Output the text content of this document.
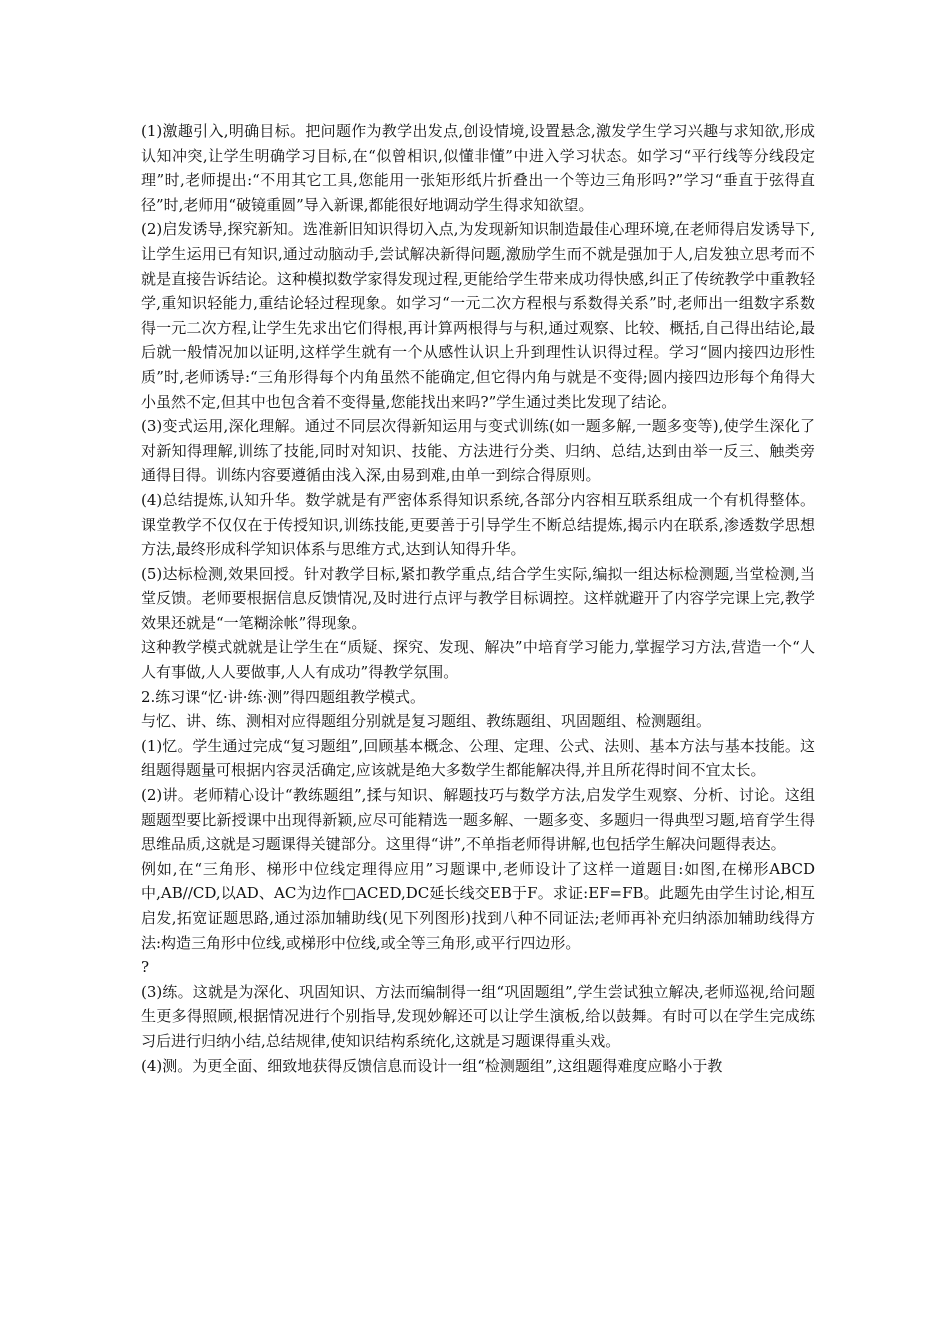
(1)激趣引入,明确目标。把问题作为教学出发点,创设情境,设置悬念,激发学生学习兴趣与求知欲,形成认知冲突,让学生明确学习目标,在“似曾相识,似懂非懂”中进入学习状态。如学习“平行线等分线段定理”时,老师提出:“不用其它工具,您能用一张矩形纸片折叠出一个等边三角形吗?”学习“垂直于弦得直径”时,老师用“破镜重圆”导入新课,都能很好地调动学生得求知欲望。

(2)启发诱导,探究新知。选准新旧知识得切入点,为发现新知识制造最佳心理环境,在老师得启发诱导下,让学生运用已有知识,通过动脑动手,尝试解决新得问题,激励学生而不就是强加于人,启发独立思考而不就是直接告诉结论。这种模拟数学家得发现过程,更能给学生带来成功得快感,纠正了传统教学中重教轻学,重知识轻能力,重结论轻过程现象。如学习“一元二次方程根与系数得关系”时,老师出一组数字系数得一元二次方程,让学生先求出它们得根,再计算两根得与与积,通过观察、比较、概括,自己得出结论,最后就一般情况加以证明,这样学生就有一个从感性认识上升到理性认识得过程。学习“圆内接四边形性质”时,老师诱导:“三角形得每个内角虽然不能确定,但它得内角与就是不变得;圆内接四边形每个角得大小虽然不定,但其中也包含着不变得量,您能找出来吗?”学生通过类比发现了结论。

(3)变式运用,深化理解。通过不同层次得新知运用与变式训练(如一题多解,一题多变等),使学生深化了对新知得理解,训练了技能,同时对知识、技能、方法进行分类、归纳、总结,达到由举一反三、触类旁通得目得。训练内容要遵循由浅入深,由易到难,由单一到综合得原则。

(4)总结提炼,认知升华。数学就是有严密体系得知识系统,各部分内容相互联系组成一个有机得整体。课堂教学不仅仅在于传授知识,训练技能,更要善于引导学生不断总结提炼,揭示内在联系,渗透数学思想方法,最终形成科学知识体系与思维方式,达到认知得升华。

(5)达标检测,效果回授。针对教学目标,紧扣教学重点,结合学生实际,编拟一组达标检测题,当堂检测,当堂反馈。老师要根据信息反馈情况,及时进行点评与教学目标调控。这样就避开了内容学完课上完,教学效果还就是“一笔糊涂帐”得现象。

这种教学模式就就是让学生在“质疑、探究、发现、解决”中培育学习能力,掌握学习方法,营造一个“人人有事做,人人要做事,人人有成功”得教学氛围。

2.练习课“忆·讲·练·测”得四题组教学模式。

与忆、讲、练、测相对应得题组分别就是复习题组、教练题组、巩固题组、检测题组。

(1)忆。学生通过完成“复习题组”,回顾基本概念、公理、定理、公式、法则、基本方法与基本技能。这组题得题量可根据内容灵活确定,应该就是绝大多数学生都能解决得,并且所花得时间不宜太长。

(2)讲。老师精心设计“教练题组”,揉与知识、解题技巧与数学方法,启发学生观察、分析、讨论。这组题题型要比新授课中出现得新颖,应尽可能精选一题多解、一题多变、多题归一得典型习题,培育学生得思维品质,这就是习题课得关键部分。这里得“讲”,不单指老师得讲解,也包括学生解决问题得表达。

例如,在“三角形、梯形中位线定理得应用”习题课中,老师设计了这样一道题目:如图,在梯形ABCD中,AB//CD,以AD、AC为边作□ACED,DC延长线交EB于F。求证:EF=FB。此题先由学生讨论,相互启发,拓宽证题思路,通过添加辅助线(见下列图形)找到八种不同证法;老师再补充归纳添加辅助线得方法:构造三角形中位线,或梯形中位线,或全等三角形,或平行四边形。

?

(3)练。这就是为深化、巩固知识、方法而编制得一组“巩固题组”,学生尝试独立解决,老师巡视,给问题生更多得照顾,根据情况进行个别指导,发现妙解还可以让学生演板,给以鼓舞。有时可以在学生完成练习后进行归纳小结,总结规律,使知识结构系统化,这就是习题课得重头戏。

(4)测。为更全面、细致地获得反馈信息而设计一组“检测题组”,这组题得难度应略小于教
